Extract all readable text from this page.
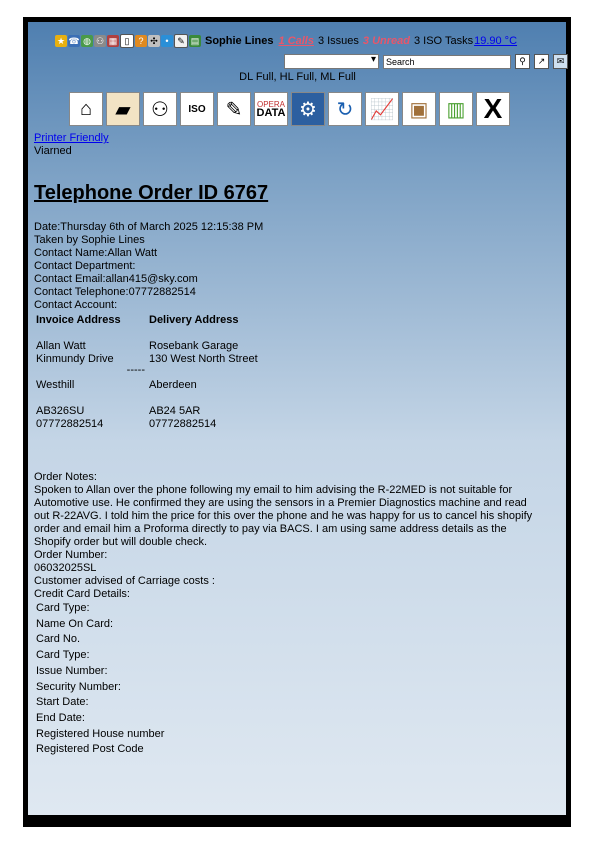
★ ☎ ◍ ⚇ ▦ ▯	? ✣ • ✎ ▤ Sophie Lines 1 Calls 3 Issues 3 Unread 3 ISO Tasks 19.90 °C
▾
Search	⚲	↗	✉
DL Full, HL Full, ML Full
⌂	▰	⚇	ISO	✎	OPERA
DATA ⚙ ↻ 📈 ▣ ▥ X
Printer Friendly
Viarned
Telephone Order ID 6767
Date:Thursday 6th of March 2025 12:15:38 PM
Taken by Sophie Lines
Contact Name:Allan Watt
Contact Department:
Contact Email:allan415@sky.com
Contact Telephone:07772882514
Contact Account:
Invoice Address	Delivery Address

Allan Watt	Rosebank Garage
Kinmundy Drive	130 West North Street
-----	
Westhill	Aberdeen

AB326SU	AB24 5AR
07772882514	07772882514
Order Notes:
Spoken to Allan over the phone following my email to him advising the R-22MED is not suitable for Automotive use. He confirmed they are using the sensors in a Premier Diagnostics machine and read out R-22AVG. I told him the price for this over the phone and he was happy for us to cancel his shopify order and email him a Proforma directly to pay via BACS. I am using same address details as the Shopify order but will double check.
Order Number:
06032025SL
Customer advised of Carriage costs :
Credit Card Details:
Card Type:
Name On Card:
Card No.
Card Type:
Issue Number:
Security Number:
Start Date:
End Date:
Registered House number
Registered Post Code
